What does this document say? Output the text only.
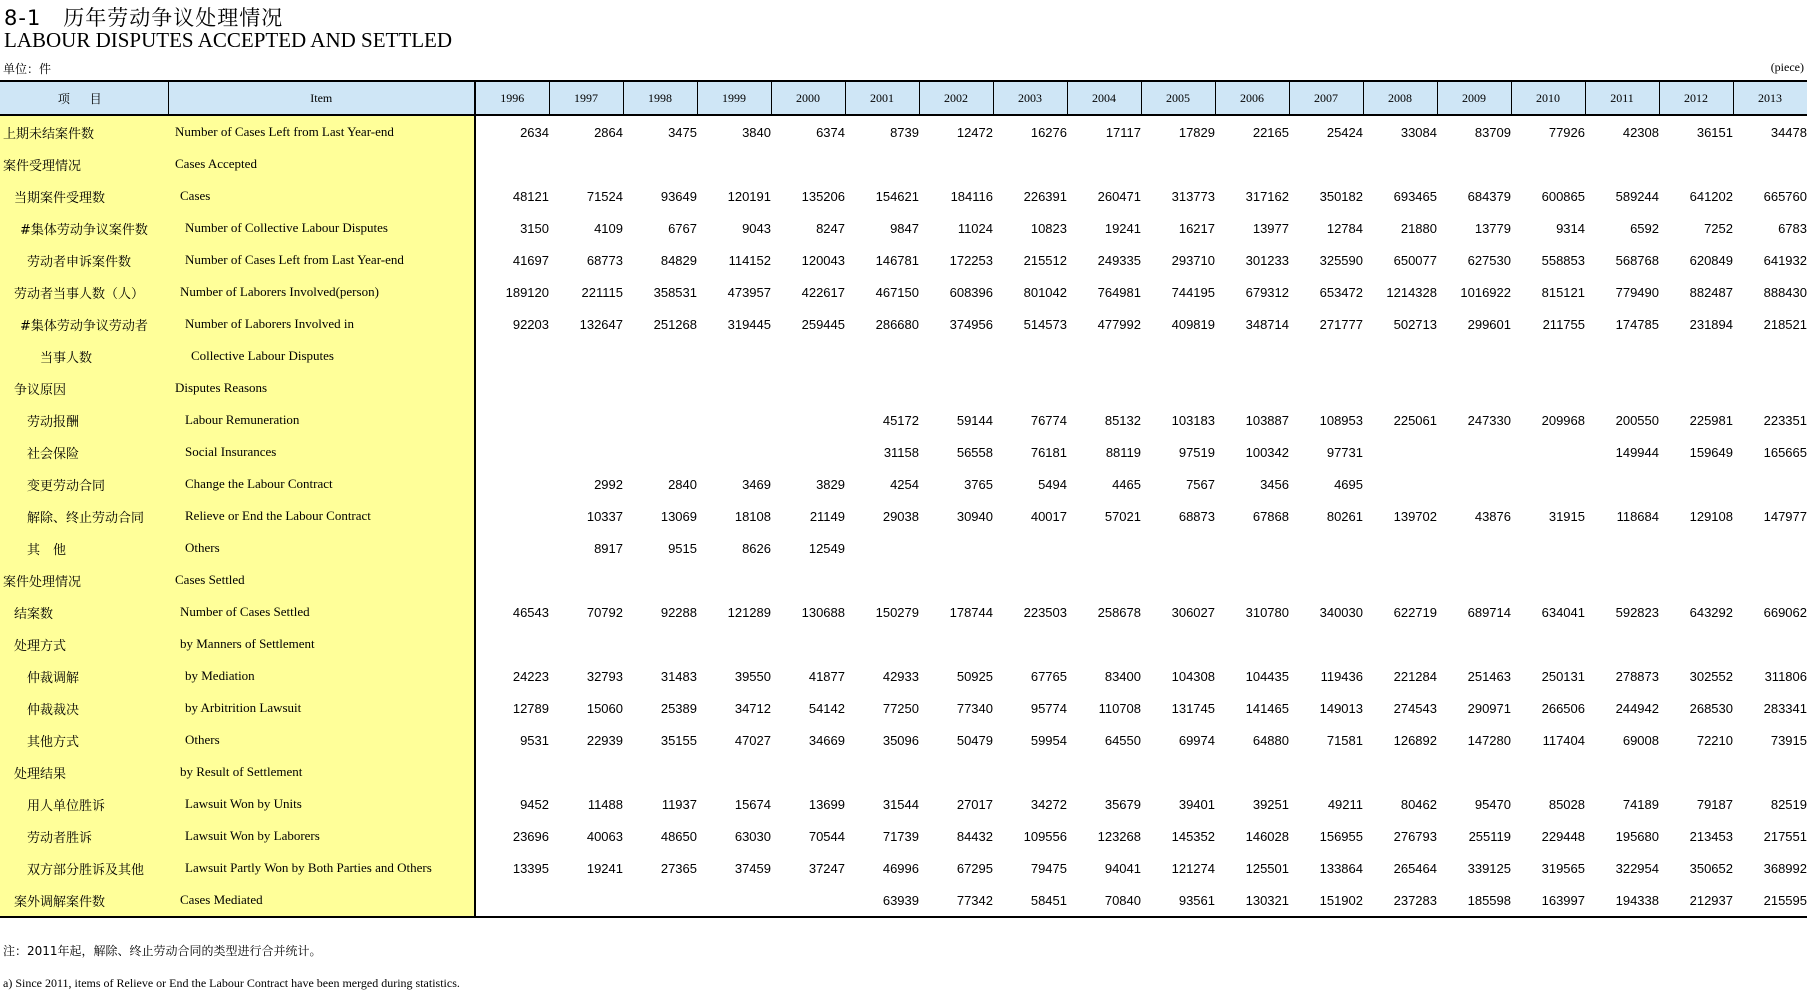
8-1　历年劳动争议处理情况
LABOUR DISPUTES ACCEPTED AND SETTLED
单位：件	(piece)
项 目	Item	1996	1997	1998	1999	2000	2001	2002	2003	2004	2005	2006	2007	2008	2009	2010	2011	2012	2013
上期未结案件数	Number of Cases Left from Last Year-end	2634	2864	3475	3840	6374	8739	12472	16276	17117	17829	22165	25424	33084	83709	77926	42308	36151	34478
案件受理情况	Cases Accepted																		
当期案件受理数	Cases	48121	71524	93649	120191	135206	154621	184116	226391	260471	313773	317162	350182	693465	684379	600865	589244	641202	665760
#集体劳动争议案件数	Number of Collective Labour Disputes	3150	4109	6767	9043	8247	9847	11024	10823	19241	16217	13977	12784	21880	13779	9314	6592	7252	6783
劳动者申诉案件数	Number of Cases Left from Last Year-end	41697	68773	84829	114152	120043	146781	172253	215512	249335	293710	301233	325590	650077	627530	558853	568768	620849	641932
劳动者当事人数（人）	Number of Laborers Involved(person)	189120	221115	358531	473957	422617	467150	608396	801042	764981	744195	679312	653472	1214328	1016922	815121	779490	882487	888430
#集体劳动争议劳动者	Number of Laborers Involved in	92203	132647	251268	319445	259445	286680	374956	514573	477992	409819	348714	271777	502713	299601	211755	174785	231894	218521
当事人数	Collective Labour Disputes																		
争议原因	Disputes Reasons																		
劳动报酬	Labour Remuneration						45172	59144	76774	85132	103183	103887	108953	225061	247330	209968	200550	225981	223351
社会保险	Social Insurances						31158	56558	76181	88119	97519	100342	97731				149944	159649	165665
变更劳动合同	Change the Labour Contract		2992	2840	3469	3829	4254	3765	5494	4465	7567	3456	4695						
解除、终止劳动合同	Relieve or End the Labour Contract		10337	13069	18108	21149	29038	30940	40017	57021	68873	67868	80261	139702	43876	31915	118684	129108	147977
其　他	Others		8917	9515	8626	12549													
案件处理情况	Cases Settled																		
结案数	Number of Cases Settled	46543	70792	92288	121289	130688	150279	178744	223503	258678	306027	310780	340030	622719	689714	634041	592823	643292	669062
处理方式	by Manners of Settlement																		
仲裁调解	by Mediation	24223	32793	31483	39550	41877	42933	50925	67765	83400	104308	104435	119436	221284	251463	250131	278873	302552	311806
仲裁裁决	by Arbitrition Lawsuit	12789	15060	25389	34712	54142	77250	77340	95774	110708	131745	141465	149013	274543	290971	266506	244942	268530	283341
其他方式	Others	9531	22939	35155	47027	34669	35096	50479	59954	64550	69974	64880	71581	126892	147280	117404	69008	72210	73915
处理结果	by Result of Settlement																		
用人单位胜诉	Lawsuit Won by Units	9452	11488	11937	15674	13699	31544	27017	34272	35679	39401	39251	49211	80462	95470	85028	74189	79187	82519
劳动者胜诉	Lawsuit Won by Laborers	23696	40063	48650	63030	70544	71739	84432	109556	123268	145352	146028	156955	276793	255119	229448	195680	213453	217551
双方部分胜诉及其他	Lawsuit Partly Won by Both Parties and Others	13395	19241	27365	37459	37247	46996	67295	79475	94041	121274	125501	133864	265464	339125	319565	322954	350652	368992
案外调解案件数	Cases Mediated						63939	77342	58451	70840	93561	130321	151902	237283	185598	163997	194338	212937	215595
注：2011年起，解除、终止劳动合同的类型进行合并统计。
a) Since 2011, items of Relieve or End the Labour Contract have been merged during statistics.
